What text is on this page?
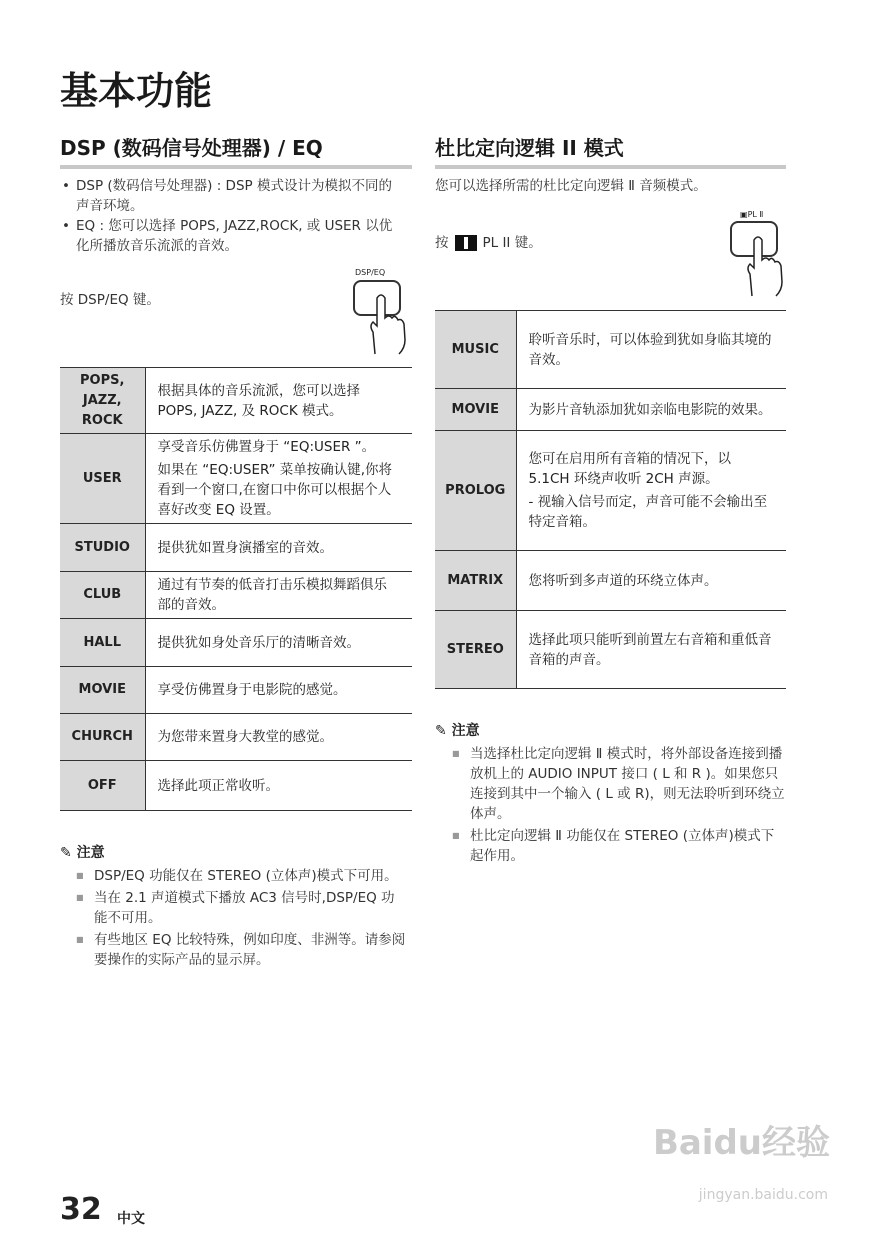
基本功能
DSP (数码信号处理器) / EQ
• DSP (数码信号处理器) : DSP 模式设计为模拟不同的声音环境。
• EQ : 您可以选择 POPS, JAZZ,ROCK, 或 USER 以优化所播放音乐流派的音效。
按 DSP/EQ 键。
DSP/EQ
POPS, JAZZ, ROCK	根据具体的音乐流派，您可以选择 POPS, JAZZ, 及 ROCK 模式。

USER	享受音乐仿佛置身于 “EQ:USER ”。

如果在 “EQ:USER” 菜单按确认键,你将看到一个窗口,在窗口中你可以根据个人喜好改变 EQ 设置。

STUDIO	提供犹如置身演播室的音效。

CLUB	通过有节奏的低音打击乐模拟舞蹈俱乐部的音效。

HALL	提供犹如身处音乐厅的清晰音效。

MOVIE	享受仿佛置身于电影院的感觉。

CHURCH	为您带来置身大教堂的感觉。

OFF	选择此项正常收听。

✎ 注意
■ DSP/EQ 功能仅在 STEREO (立体声)模式下可用。
■ 当在 2.1 声道模式下播放 AC3 信号时,DSP/EQ 功能不可用。
■ 有些地区 EQ 比较特殊，例如印度、非洲等。请参阅要操作的实际产品的显示屏。
杜比定向逻辑 II 模式
您可以选择所需的杜比定向逻辑 Ⅱ 音频模式。
按	PL II 键。
▣PL Ⅱ
MUSIC	聆听音乐时，可以体验到犹如身临其境的音效。

MOVIE	为影片音轨添加犹如亲临电影院的效果。

PROLOG	您可在启用所有音箱的情况下，以 5.1CH 环绕声收听 2CH 声源。

- 视输入信号而定，声音可能不会输出至特定音箱。

MATRIX	您将听到多声道的环绕立体声。

STEREO	选择此项只能听到前置左右音箱和重低音音箱的声音。

✎ 注意
■ 当选择杜比定向逻辑 Ⅱ 模式时，将外部设备连接到播放机上的 AUDIO INPUT 接口 ( L 和 R )。如果您只连接到其中一个输入 ( L 或 R)，则无法聆听到环绕立体声。
■ 杜比定向逻辑 Ⅱ 功能仅在 STEREO (立体声)模式下起作用。
32 中文
Baidu经验
jingyan.baidu.com
